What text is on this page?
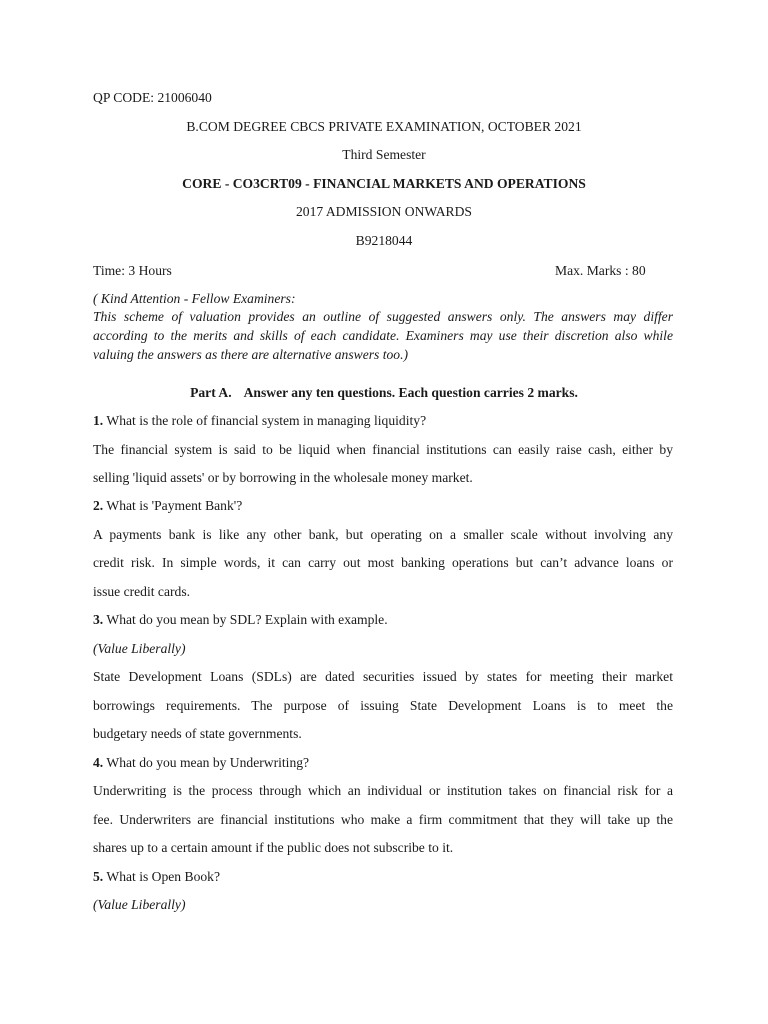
QP CODE: 21006040
B.COM DEGREE CBCS PRIVATE EXAMINATION, OCTOBER 2021
Third Semester
CORE - CO3CRT09 - FINANCIAL MARKETS AND OPERATIONS
2017 ADMISSION ONWARDS
B9218044
Time: 3 Hours	Max. Marks : 80
( Kind Attention - Fellow Examiners:
This scheme of valuation provides an outline of suggested answers only. The answers may differ
according to the merits and skills of each candidate. Examiners may use their discretion also while
valuing the answers as there are alternative answers too.)
Part A. Answer any ten questions. Each question carries 2 marks.
1. What is the role of financial system in managing liquidity?
The financial system is said to be liquid when financial institutions can easily raise cash, either by
selling 'liquid assets' or by borrowing in the wholesale money market.
2. What is 'Payment Bank'?
A payments bank is like any other bank, but operating on a smaller scale without involving any
credit risk. In simple words, it can carry out most banking operations but can’t advance loans or
issue credit cards.
3. What do you mean by SDL? Explain with example.
(Value Liberally)
State Development Loans (SDLs) are dated securities issued by states for meeting their market
borrowings requirements. The purpose of issuing State Development Loans is to meet the
budgetary needs of state governments.
4. What do you mean by Underwriting?
Underwriting is the process through which an individual or institution takes on financial risk for a
fee. Underwriters are financial institutions who make a firm commitment that they will take up the
shares up to a certain amount if the public does not subscribe to it.
5. What is Open Book?
(Value Liberally)
